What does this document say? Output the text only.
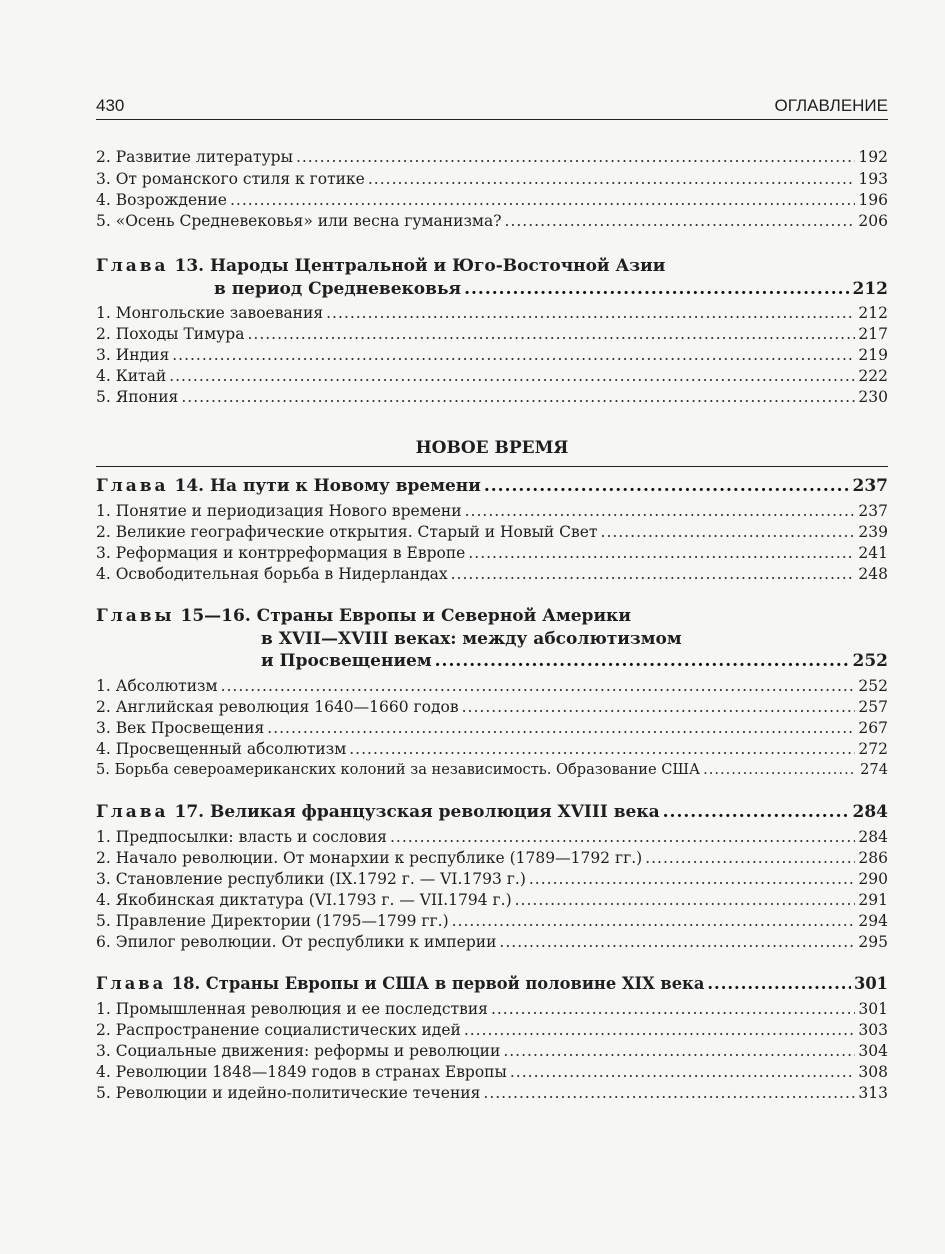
430	ОГЛАВЛЕНИЕ
2. Развитие литературы .....	192
3. От романского стиля к готике .....	193
4. Возрождение .....	196
5. «Осень Средневековья» или весна гуманизма? .....	206
Глава 13. Народы Центральной и Юго-Восточной Азии
в период Средневековья .....	212
1. Монгольские завоевания .....	212
2. Походы Тимура .....	217
3. Индия .....	219
4. Китай .....	222
5. Япония .....	230
НОВОЕ ВРЕМЯ
Глава 14. На пути к Новому времени .....	237
1. Понятие и периодизация Нового времени .....	237
2. Великие географические открытия. Старый и Новый Свет .....	239
3. Реформация и контрреформация в Европе .....	241
4. Освободительная борьба в Нидерландах .....	248
Главы 15—16. Страны Европы и Северной Америки
в XVII—XVIII веках: между абсолютизмом
и Просвещением .....	252
1. Абсолютизм .....	252
2. Английская революция 1640—1660 годов .....	257
3. Век Просвещения .....	267
4. Просвещенный абсолютизм .....	272
5. Борьба североамериканских колоний за независимость. Образование США .....	274
Глава 17. Великая французская революция XVIII века .....	284
1. Предпосылки: власть и сословия .....	284
2. Начало революции. От монархии к республике (1789—1792 гг.) .....	286
3. Становление республики (IX.1792 г. — VI.1793 г.) .....	290
4. Якобинская диктатура (VI.1793 г. — VII.1794 г.) .....	291
5. Правление Директории (1795—1799 гг.) .....	294
6. Эпилог революции. От республики к империи .....	295
Глава 18. Страны Европы и США в первой половине XIX века .....	301
1. Промышленная революция и ее последствия .....	301
2. Распространение социалистических идей .....	303
3. Социальные движения: реформы и революции .....	304
4. Революции 1848—1849 годов в странах Европы .....	308
5. Революции и идейно-политические течения .....	313
